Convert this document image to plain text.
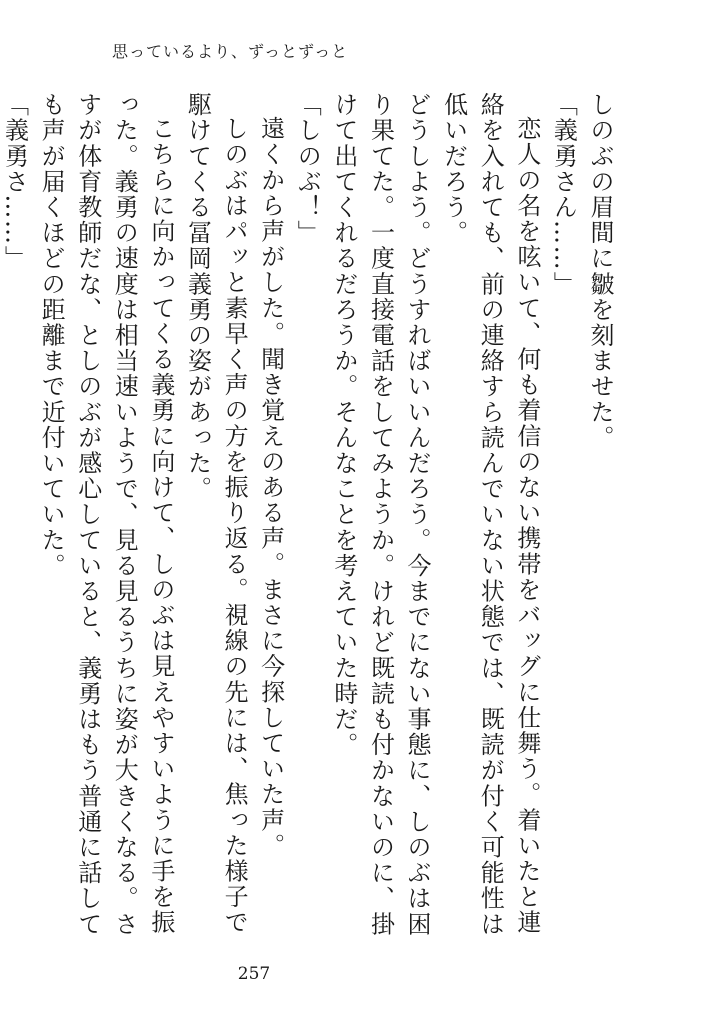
思っているより、ずっとずっと

しのぶの眉間に皺を刻ませた。

「義勇さん……」

恋人の名を呟いて、何も着信のない携帯をバッグに仕舞う。着いたと連絡を入れても、前の連絡すら読んでいない状態では、既読が付く可能性は低いだろう。

どうしよう。どうすればいいんだろう。今までにない事態に、しのぶは困り果てた。一度直接電話をしてみようか。けれど既読も付かないのに、掛けて出てくれるだろうか。そんなことを考えていた時だ。

「しのぶ！」

遠くから声がした。聞き覚えのある声。まさに今探していた声。

しのぶはパッと素早く声の方を振り返る。視線の先には、焦った様子で駆けてくる冨岡義勇の姿があった。

こちらに向かってくる義勇に向けて、しのぶは見えやすいように手を振った。義勇の速度は相当速いようで、見る見るうちに姿が大きくなる。さすが体育教師だな、としのぶが感心していると、義勇はもう普通に話しても声が届くほどの距離まで近付いていた。

「義勇さ……」

257
